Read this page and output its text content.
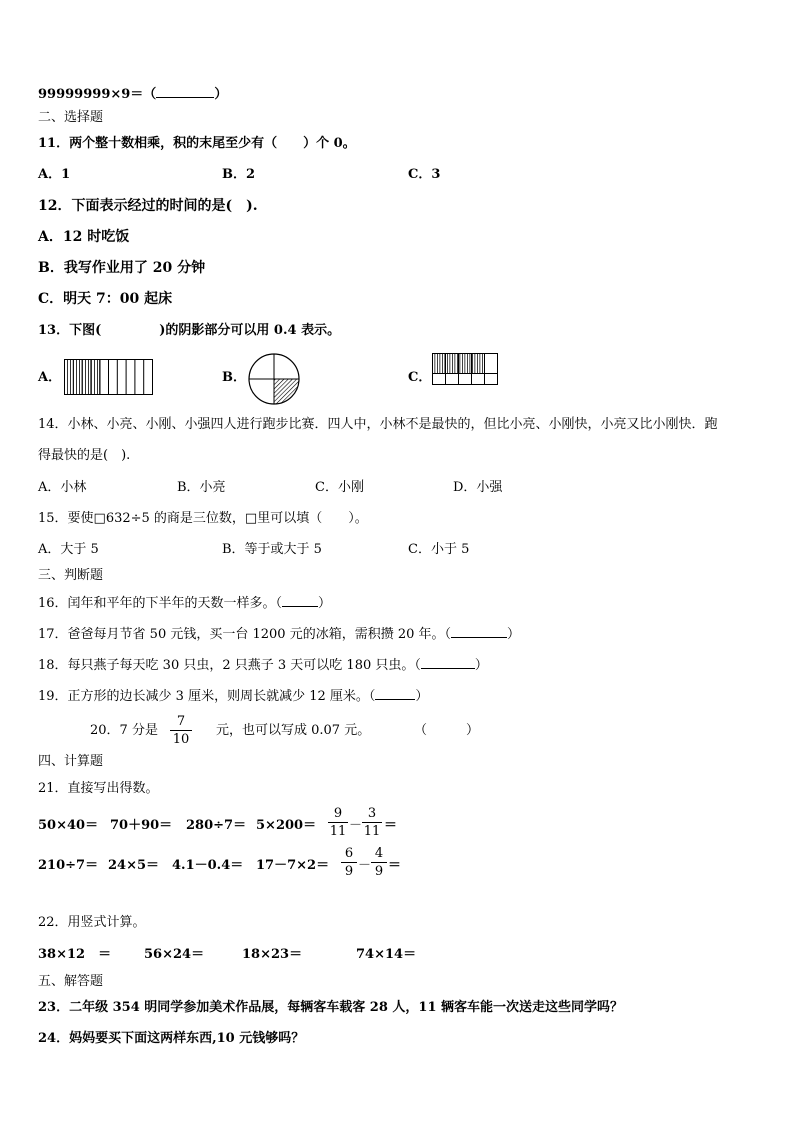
99999999×9＝（	）
二、选择题
11．两个整十数相乘，积的末尾至少有（　　）个 0。
A．1	B．2	C．3
12．下面表示经过的时间的是(　).
A．12 时吃饭
B．我写作业用了 20 分钟
C．明天 7：00 起床
13．下图(	)的阴影部分可以用 0.4 表示。
A．	B．	C．
14．小林、小亮、小刚、小强四人进行跑步比赛．四人中，小林不是最快的，但比小亮、小刚快，小亮又比小刚快．跑
得最快的是(　).
A．小林	B．小亮	C．小刚	D．小强
15．要使□632÷5 的商是三位数，□里可以填（　　）。
A．大于 5	B．等于或大于 5	C．小于 5
三、判断题
16．闰年和平年的下半年的天数一样多。（	）
17．爸爸每月节省 50 元钱，买一台 1200 元的冰箱，需积攒 20 年。（	）
18．每只燕子每天吃 30 只虫，2 只燕子 3 天可以吃 180 只虫。（	）
19．正方形的边长减少 3 厘米，则周长就减少 12 厘米。（	）
20．7 分是
7
10
元，也可以写成 0.07 元。	（　　　）
四、计算题
21．直接写出得数。
50×40＝ 70＋90＝ 280÷7＝ 5×200＝
9
11 －
3
11 ＝
210÷7＝ 24×5＝ 4.1－0.4＝ 17－7×2＝
6
9 －
4
9 ＝
22．用竖式计算。
38×12　＝	56×24＝	18×23＝	74×14＝
五、解答题
23．二年级 354 明同学参加美术作品展，每辆客车载客 28 人，11 辆客车能一次送走这些同学吗？
24．妈妈要买下面这两样东西,10 元钱够吗？
